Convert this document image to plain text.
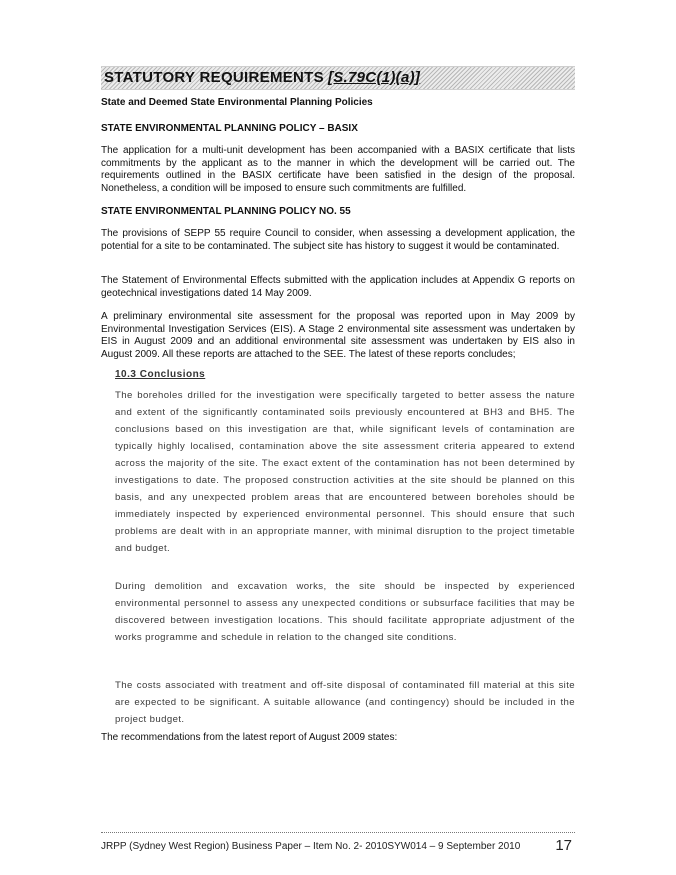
STATUTORY REQUIREMENTS [S.79C(1)(a)]
State and Deemed State Environmental Planning Policies
STATE ENVIRONMENTAL PLANNING POLICY – BASIX

The application for a multi-unit development has been accompanied with a BASIX certificate that lists commitments by the applicant as to the manner in which the development will be carried out. The requirements outlined in the BASIX certificate have been satisfied in the design of the proposal. Nonetheless, a condition will be imposed to ensure such commitments are fulfilled.

STATE ENVIRONMENTAL PLANNING POLICY NO. 55

The provisions of SEPP 55 require Council to consider, when assessing a development application, the potential for a site to be contaminated. The subject site has history to suggest it would be contaminated.

The Statement of Environmental Effects submitted with the application includes at Appendix G reports on geotechnical investigations dated 14 May 2009.

A preliminary environmental site assessment for the proposal was reported upon in May 2009 by Environmental Investigation Services (EIS). A Stage 2 environmental site assessment was undertaken by EIS in August 2009 and an additional environmental site assessment was undertaken by EIS also in August 2009. All these reports are attached to the SEE. The latest of these reports concludes;

10.3 Conclusions

The boreholes drilled for the investigation were specifically targeted to better assess the nature and extent of the significantly contaminated soils previously encountered at BH3 and BH5. The conclusions based on this investigation are that, while significant levels of contamination are typically highly localised, contamination above the site assessment criteria appeared to extend across the majority of the site. The exact extent of the contamination has not been determined by investigations to date. The proposed construction activities at the site should be planned on this basis, and any unexpected problem areas that are encountered between boreholes should be immediately inspected by experienced environmental personnel. This should ensure that such problems are dealt with in an appropriate manner, with minimal disruption to the project timetable and budget.

During demolition and excavation works, the site should be inspected by experienced environmental personnel to assess any unexpected conditions or subsurface facilities that may be discovered between investigation locations. This should facilitate appropriate adjustment of the works programme and schedule in relation to the changed site conditions.

The costs associated with treatment and off-site disposal of contaminated fill material at this site are expected to be significant. A suitable allowance (and contingency) should be included in the project budget.

The recommendations from the latest report of August 2009 states:

JRPP (Sydney West Region) Business Paper – Item No. 2- 2010SYW014 – 9 September 2010 17
